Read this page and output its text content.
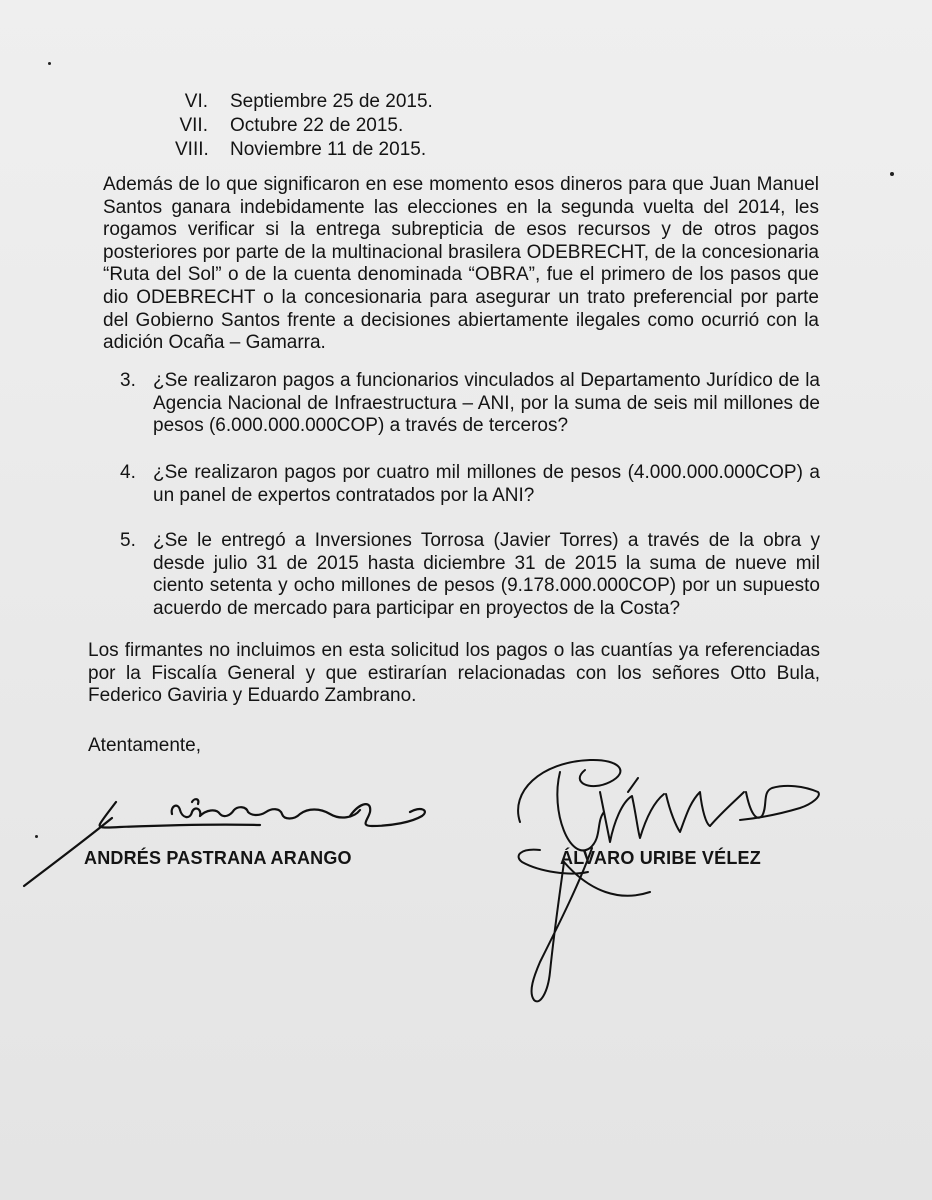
VI.	Septiembre 25 de 2015.
VII.	Octubre 22 de 2015.
VIII.	Noviembre 11 de 2015.
Además de lo que significaron en ese momento esos dineros para que Juan Manuel Santos ganara indebidamente las elecciones en la segunda vuelta del 2014, les rogamos verificar si la entrega subrepticia de esos recursos y de otros pagos posteriores por parte de la multinacional brasilera ODEBRECHT, de la concesionaria “Ruta del Sol” o de la cuenta denominada “OBRA”, fue el primero de los pasos que dio ODEBRECHT o la concesionaria para asegurar un trato preferencial por parte del Gobierno Santos frente a decisiones abiertamente ilegales como ocurrió con la adición Ocaña – Gamarra.
3. ¿Se realizaron pagos a funcionarios vinculados al Departamento Jurídico de la Agencia Nacional de Infraestructura – ANI, por la suma de seis mil millones de pesos (6.000.000.000COP) a través de terceros?
4. ¿Se realizaron pagos por cuatro mil millones de pesos (4.000.000.000COP) a un panel de expertos contratados por la ANI?
5. ¿Se le entregó a Inversiones Torrosa (Javier Torres) a través de la obra y desde julio 31 de 2015 hasta diciembre 31 de 2015 la suma de nueve mil ciento setenta y ocho millones de pesos (9.178.000.000COP) por un supuesto acuerdo de mercado para participar en proyectos de la Costa?
Los firmantes no incluimos en esta solicitud los pagos o las cuantías ya referenciadas por la Fiscalía General y que estirarían relacionadas con los señores Otto Bula, Federico Gaviria y Eduardo Zambrano.
Atentamente,
ANDRÉS PASTRANA ARANGO	ÁLVARO URIBE VÉLEZ
